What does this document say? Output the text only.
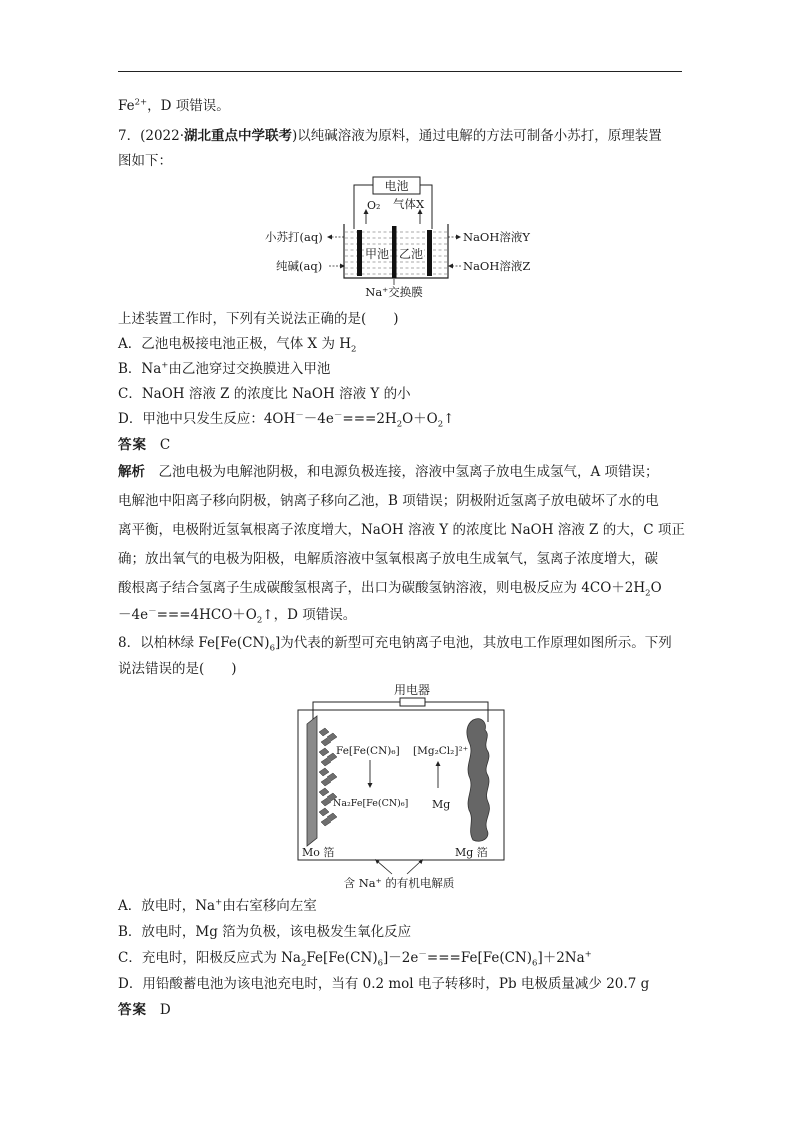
$Fe^{2+}$，D 项错误。
7．(2022·湖北重点中学联考)以纯碱溶液为原料，通过电解的方法可制备小苏打，原理装置
图如下：
电池
O₂ 气体X
甲池 乙池
小苏打(aq)
纯碱(aq)
NaOH溶液Y
NaOH溶液Z
Na⁺交换膜
上述装置工作时，下列有关说法正确的是(　　)
A．乙池电极接电池正极，气体 X 为 $H_2$
B．Na+由乙池穿过交换膜进入甲池
C．NaOH 溶液 Z 的浓度比 NaOH 溶液 Y 的小
D．甲池中只发生反应：$4OH^--4e^-===2H_2O+O_2↑$
答案 C
解析　乙池电极为电解池阴极，和电源负极连接，溶液中氢离子放电生成氢气，A 项错误；
电解池中阳离子移向阴极，钠离子移向乙池，B 项错误；阴极附近氢离子放电破坏了水的电
离平衡，电极附近氢氧根离子浓度增大，NaOH 溶液 Y 的浓度比 NaOH 溶液 Z 的大，C 项正
确；放出氧气的电极为阳极，电解质溶液中氢氧根离子放电生成氧气，氢离子浓度增大，碳
酸根离子结合氢离子生成碳酸氢根离子，出口为碳酸氢钠溶液，则电极反应为 $4CO+2H_2O$
$-4e^-===4HCO+O_2↑$，D 项错误。
8．以柏林绿 $Fe[Fe(CN)_6]$为代表的新型可充电钠离子电池，其放电工作原理如图所示。下列
说法错误的是(　　)
用电器
Fe[Fe(CN)₆]
Na₂Fe[Fe(CN)₆]
[Mg₂Cl₂]²⁺
Mg
Mo 箔	Mg 箔
含 Na⁺ 的有机电解质
A．放电时，Na+由右室移向左室
B．放电时，Mg 箔为负极，该电极发生氧化反应
C．充电时，阳极反应式为 $Na_2Fe[Fe(CN)_6]-2e^-===Fe[Fe(CN)_6]+2Na^+$
D．用铅酸蓄电池为该电池充电时，当有 0.2 mol 电子转移时，Pb 电极质量减少 20.7 g
答案 D
